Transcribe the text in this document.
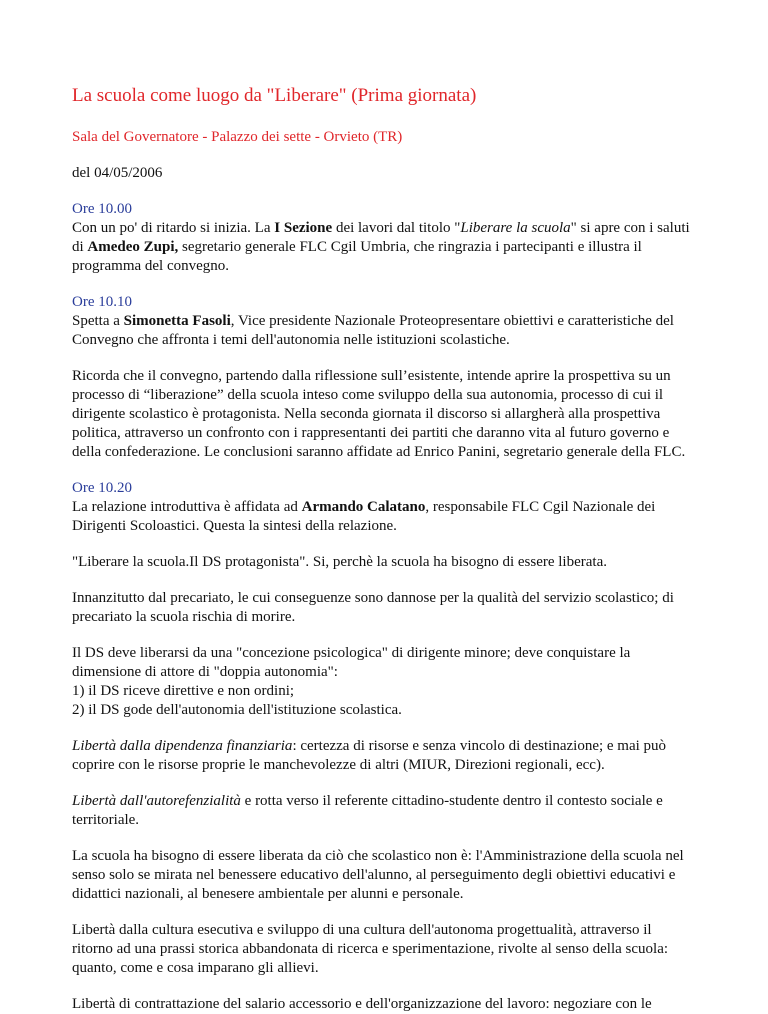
La scuola come luogo da "Liberare" (Prima giornata)

Sala del Governatore - Palazzo dei sette - Orvieto (TR)

del 04/05/2006

Ore 10.00

Con un po' di ritardo si inizia. La I Sezione dei lavori dal titolo "Liberare la scuola" si apre con i saluti di Amedeo Zupi, segretario generale FLC Cgil Umbria, che ringrazia i partecipanti e illustra il programma del convegno.

Ore 10.10

Spetta a Simonetta Fasoli, Vice presidente Nazionale Proteopresentare obiettivi e caratteristiche del Convegno che affronta i temi dell'autonomia nelle istituzioni scolastiche.

Ricorda che il convegno, partendo dalla riflessione sull’esistente, intende aprire la prospettiva su un processo di “liberazione” della scuola inteso come sviluppo della sua autonomia, processo di cui il dirigente scolastico è protagonista. Nella seconda giornata il discorso si allargherà alla prospettiva politica, attraverso un confronto con i rappresentanti dei partiti che daranno vita al futuro governo e della confederazione. Le conclusioni saranno affidate ad Enrico Panini, segretario generale della FLC.

Ore 10.20

La relazione introduttiva è affidata ad Armando Calatano, responsabile FLC Cgil Nazionale dei Dirigenti Scoloastici. Questa la sintesi della relazione.

"Liberare la scuola.Il DS protagonista". Si, perchè la scuola ha bisogno di essere liberata.

Innanzitutto dal precariato, le cui conseguenze sono dannose per la qualità del servizio scolastico; di precariato la scuola rischia di morire.

Il DS deve liberarsi da una "concezione psicologica" di dirigente minore; deve conquistare la dimensione di attore di "doppia autonomia":

1) il DS riceve direttive e non ordini;
2) il DS gode dell'autonomia dell'istituzione scolastica.

Libertà dalla dipendenza finanziaria: certezza di risorse e senza vincolo di destinazione; e mai può coprire con le risorse proprie le manchevolezze di altri (MIUR, Direzioni regionali, ecc).

Libertà dall'autorefenzialità e rotta verso il referente cittadino-studente dentro il contesto sociale e territoriale.

La scuola ha bisogno di essere liberata da ciò che scolastico non è: l'Amministrazione della scuola nel senso solo se mirata nel benessere educativo dell'alunno, al perseguimento degli obiettivi educativi e didattici nazionali, al benesere ambientale per alunni e personale.

Libertà dalla cultura esecutiva e sviluppo di una cultura dell'autonoma progettualità, attraverso il ritorno ad una prassi storica abbandonata di ricerca e sperimentazione, rivolte al senso della scuola: quanto, come e cosa imparano gli allievi.

Libertà di contrattazione del salario accessorio e dell'organizzazione del lavoro: negoziare con le
